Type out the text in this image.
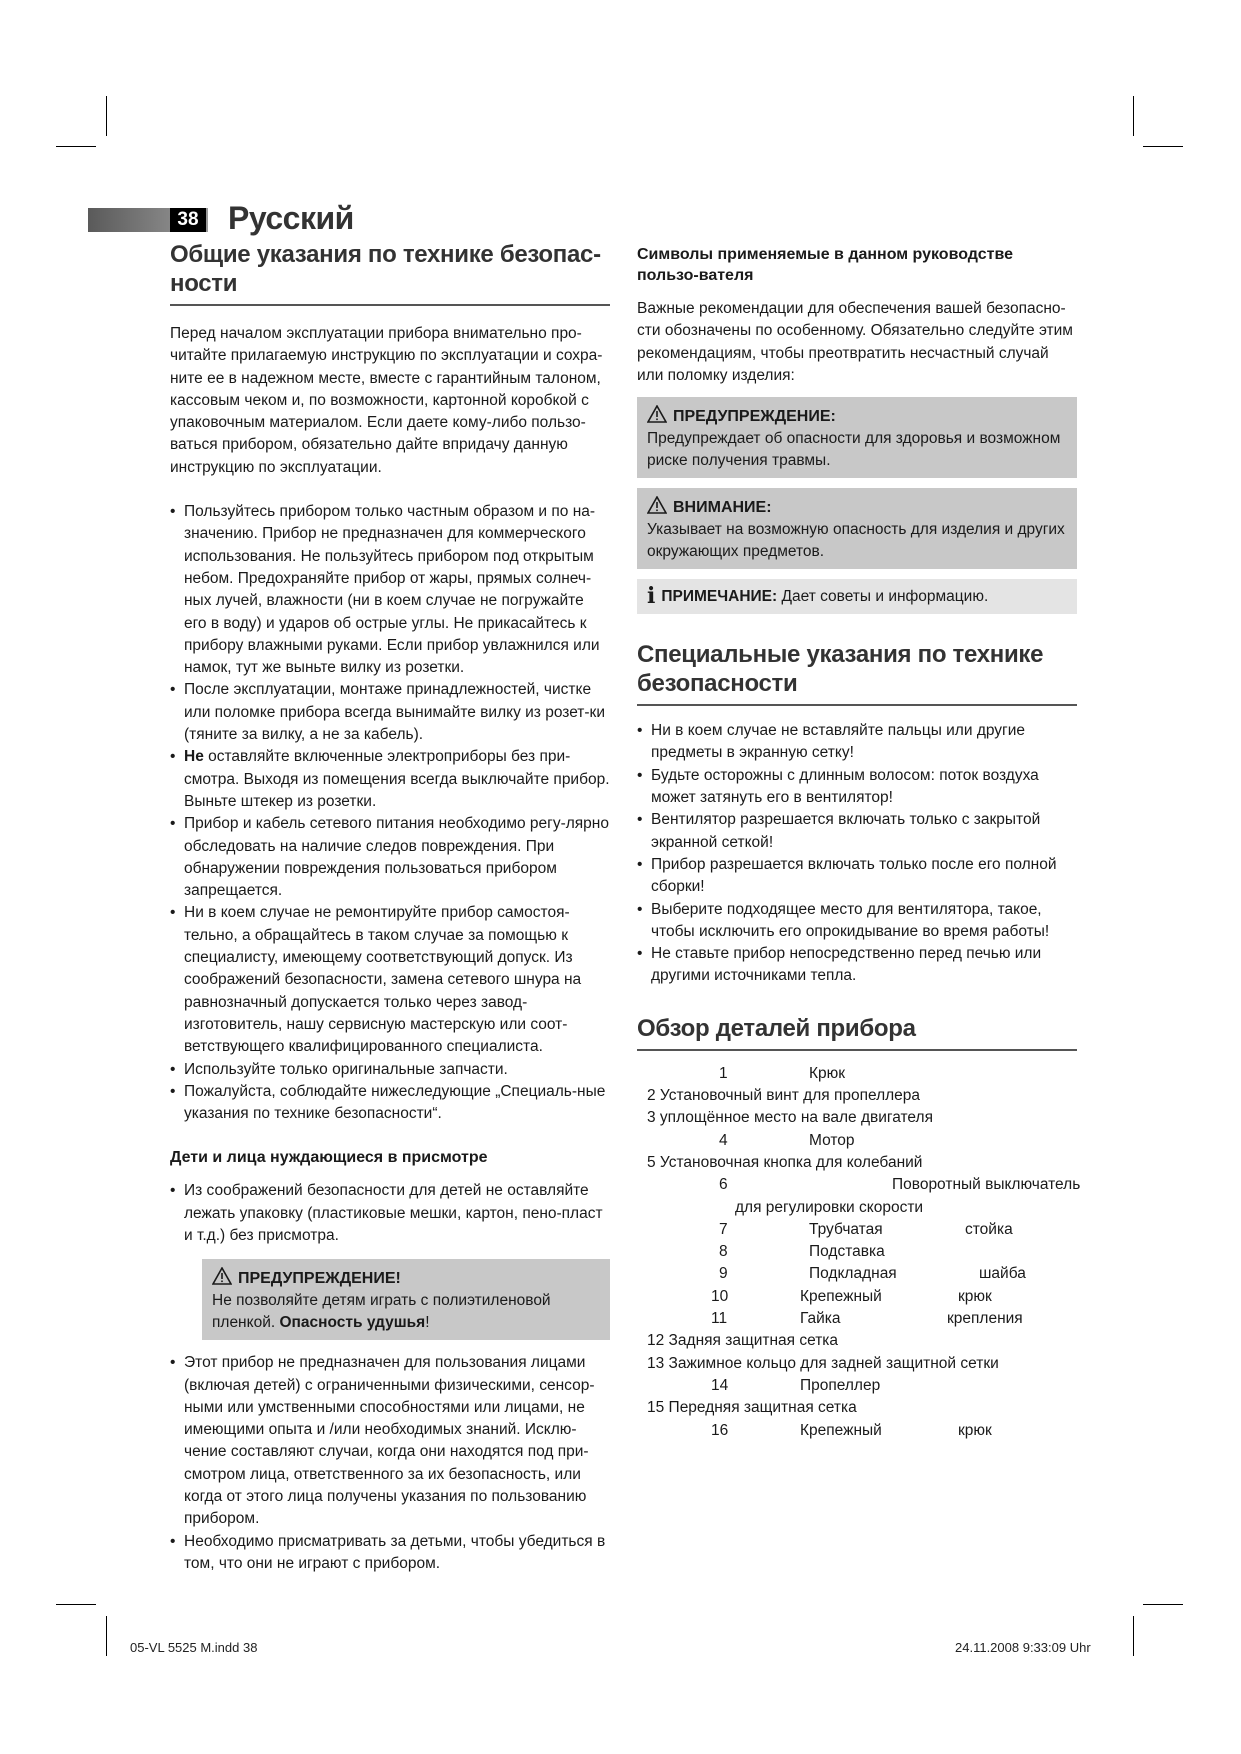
38 Русский
Общие указания по технике безопас-ности

Перед началом эксплуатации прибора внимательно про-читайте прилагаемую инструкцию по эксплуатации и сохра-ните ее в надежном месте, вместе с гарантийным талоном, кассовым чеком и, по возможности, картонной коробкой с упаковочным материалом. Если даете кому-либо пользо-ваться прибором, обязательно дайте впридачу данную инструкцию по эксплуатации.

• Пользуйтесь прибором только частным образом и по на-значению. Прибор не предназначен для коммерческого использования. Не пользуйтесь прибором под открытым небом. Предохраняйте прибор от жары, прямых солнеч-ных лучей, влажности (ни в коем случае не погружайте его в воду) и ударов об острые углы. Не прикасайтесь к прибору влажными руками. Если прибор увлажнился или намок, тут же выньте вилку из розетки.
• После эксплуатации, монтаже принадлежностей, чистке или поломке прибора всегда вынимайте вилку из розет-ки (тяните за вилку, а не за кабель).
• Не оставляйте включенные электроприборы без при-смотра. Выходя из помещения всегда выключайте прибор. Выньте штекер из розетки.
• Прибор и кабель сетевого питания необходимо регу-лярно обследовать на наличие следов повреждения. При обнаружении повреждения пользоваться прибором запрещается.
• Ни в коем случае не ремонтируйте прибор самостоя-тельно, а обращайтесь в таком случае за помощью к специалисту, имеющему соответствующий допуск. Из соображений безопасности, замена сетевого шнура на равнозначный допускается только через завод-изготовитель, нашу сервисную мастерскую или соот-ветствующего квалифицированного специалиста.
• Используйте только оригинальные запчасти.
• Пожалуйста, соблюдайте нижеследующие „Специаль-ные указания по технике безопасности“.
Дети и лица нуждающиеся в присмотре
• Из соображений безопасности для детей не оставляйте лежать упаковку (пластиковые мешки, картон, пено-пласт и т.д.) без присмотра.
ПРЕДУПРЕЖДЕНИЕ!
Не позволяйте детям играть с полиэтиленовой пленкой. Опасность удушья!
• Этот прибор не предназначен для пользования лицами (включая детей) с ограниченными физическими, сенсор-ными или умственными способностями или лицами, не имеющими опыта и /или необходимых знаний. Исклю-чение составляют случаи, когда они находятся под при-смотром лица, ответственного за их безопасность, или когда от этого лица получены указания по пользованию прибором.
• Необходимо присматривать за детьми, чтобы убедиться в том, что они не играют с прибором.
Символы применяемые в данном руководстве пользо-вателя

Важные рекомендации для обеспечения вашей безопасно-сти обозначены по особенному. Обязательно следуйте этим рекомендациям, чтобы преотвратить несчастный случай или поломку изделия:

ПРЕДУПРЕЖДЕНИЕ:
Предупреждает об опасности для здоровья и возможном риске получения травмы.
ВНИМАНИЕ:
Указывает на возможную опасность для изделия и других окружающих предметов.
i ПРИМЕЧАНИЕ: Дает советы и информацию.
Специальные указания по технике безопасности
• Ни в коем случае не вставляйте пальцы или другие предметы в экранную сетку!
• Будьте осторожны с длинным волосом: поток воздуха может затянуть его в вентилятор!
• Вентилятор разрешается включать только с закрытой экранной сеткой!
• Прибор разрешается включать только после его полной сборки!
• Выберите подходящее место для вентилятора, такое, чтобы исключить его опрокидывание во время работы!
• Не ставьте прибор непосредственно перед печью или другими источниками тепла.
Обзор деталей прибора
1	Крюк
2 Установочный винт для пропеллера
3 уплощённое место на вале двигателя
4	Мотор
5 Установочная кнопка для колебаний
6	Поворотный выключатель
для регулировки скорости
7	Трубчатая	стойка
8	Подставка
9	Подкладная	шайба
10	Крепежный	крюк
11	Гайка	крепления
12 Задняя защитная сетка
13 Зажимное кольцо для задней защитной сетки
14	Пропеллер
15 Передняя защитная сетка
16	Крепежный	крюк
05-VL 5525 M.indd 38	24.11.2008 9:33:09 Uhr
